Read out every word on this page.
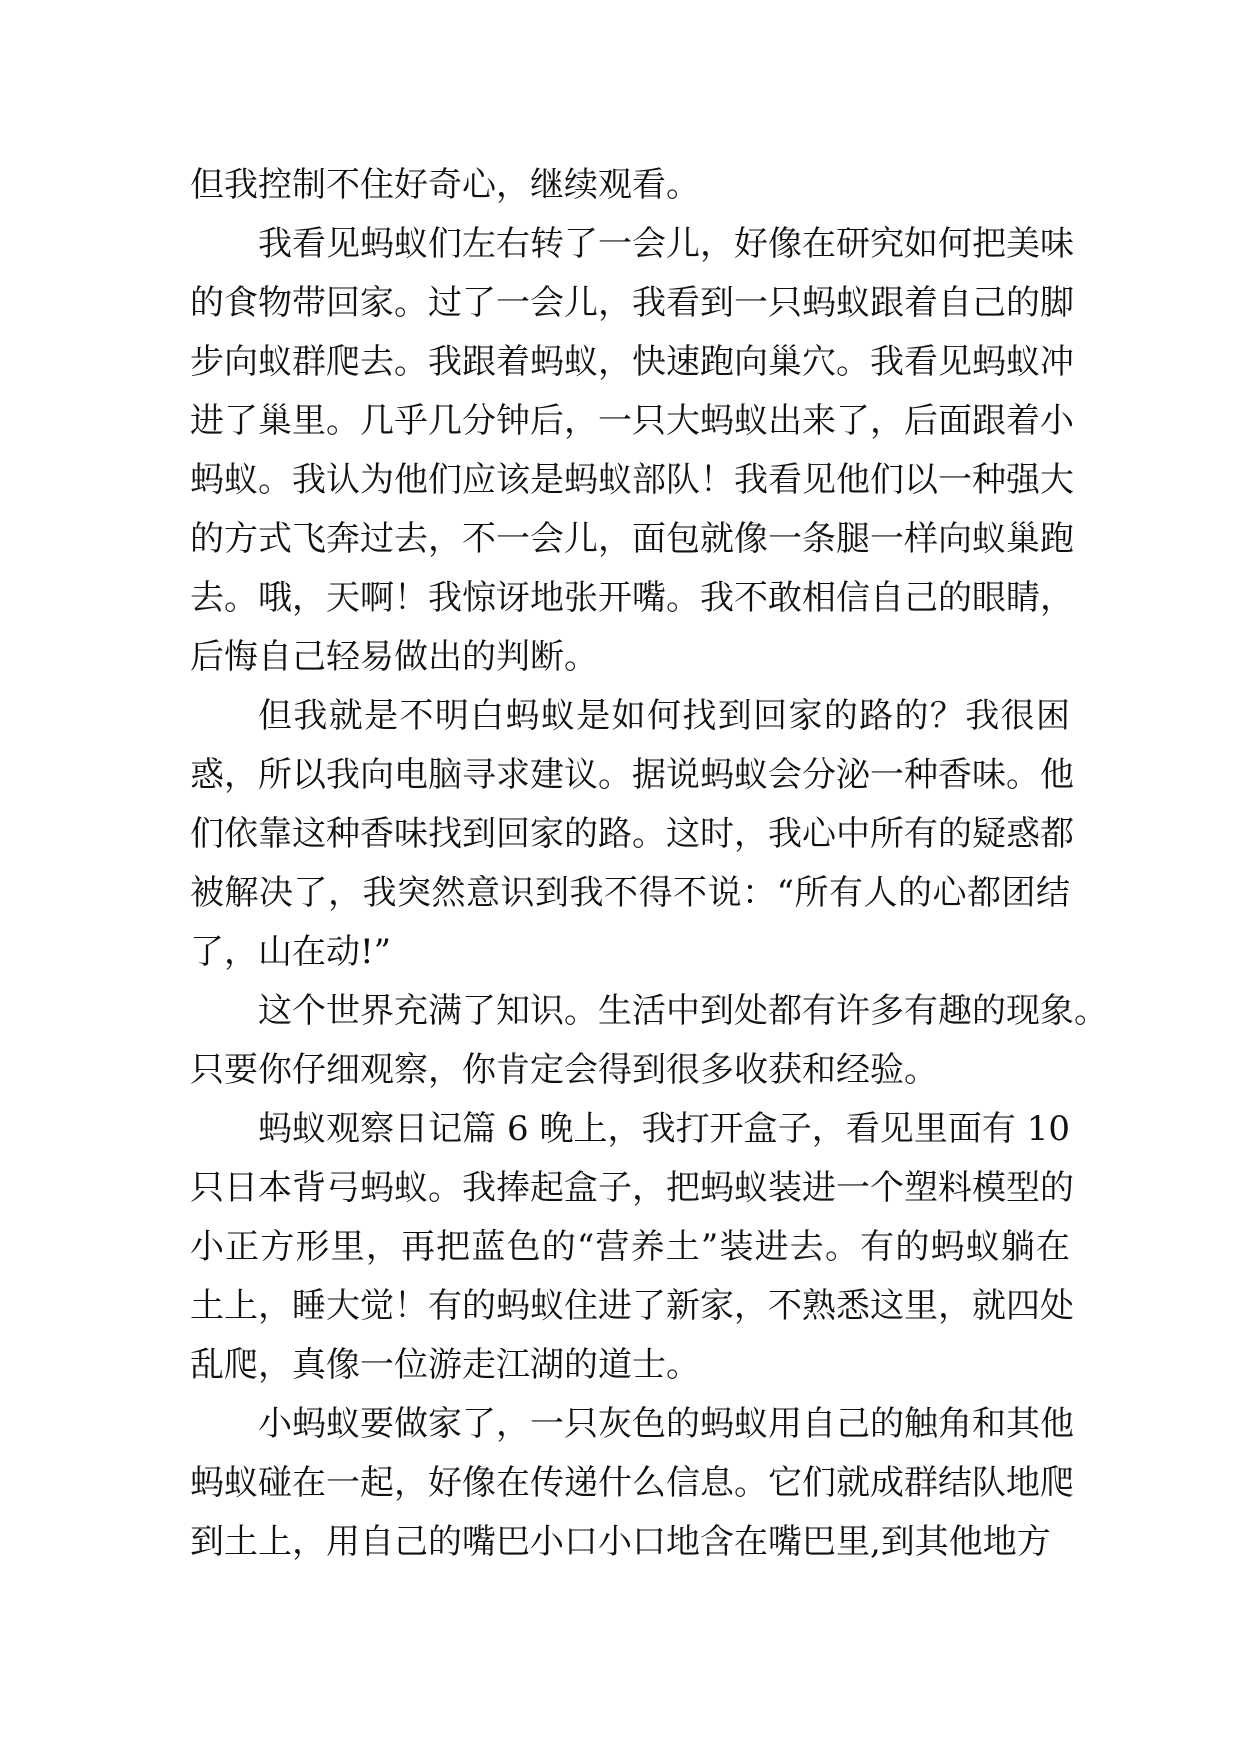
但我控制不住好奇心，继续观看。
我看见蚂蚁们左右转了一会儿，好像在研究如何把美味
的食物带回家。过了一会儿，我看到一只蚂蚁跟着自己的脚
步向蚁群爬去。我跟着蚂蚁，快速跑向巢穴。我看见蚂蚁冲
进了巢里。几乎几分钟后，一只大蚂蚁出来了，后面跟着小
蚂蚁。我认为他们应该是蚂蚁部队！我看见他们以一种强大
的方式飞奔过去，不一会儿，面包就像一条腿一样向蚁巢跑
去。哦，天啊！我惊讶地张开嘴。我不敢相信自己的眼睛，
后悔自己轻易做出的判断。
但我就是不明白蚂蚁是如何找到回家的路的？我很困
惑，所以我向电脑寻求建议。据说蚂蚁会分泌一种香味。他
们依靠这种香味找到回家的路。这时，我心中所有的疑惑都
被解决了，我突然意识到我不得不说：“所有人的心都团结
了，山在动!”
这个世界充满了知识。生活中到处都有许多有趣的现象。
只要你仔细观察，你肯定会得到很多收获和经验。
蚂蚁观察日记篇 6 晚上，我打开盒子，看见里面有 10
只日本背弓蚂蚁。我捧起盒子，把蚂蚁装进一个塑料模型的
小正方形里，再把蓝色的“营养土”装进去。有的蚂蚁躺在
土上，睡大觉！有的蚂蚁住进了新家，不熟悉这里，就四处
乱爬，真像一位游走江湖的道士。
小蚂蚁要做家了，一只灰色的蚂蚁用自己的触角和其他
蚂蚁碰在一起，好像在传递什么信息。它们就成群结队地爬
到土上，用自己的嘴巴小口小口地含在嘴巴里,到其他地方
